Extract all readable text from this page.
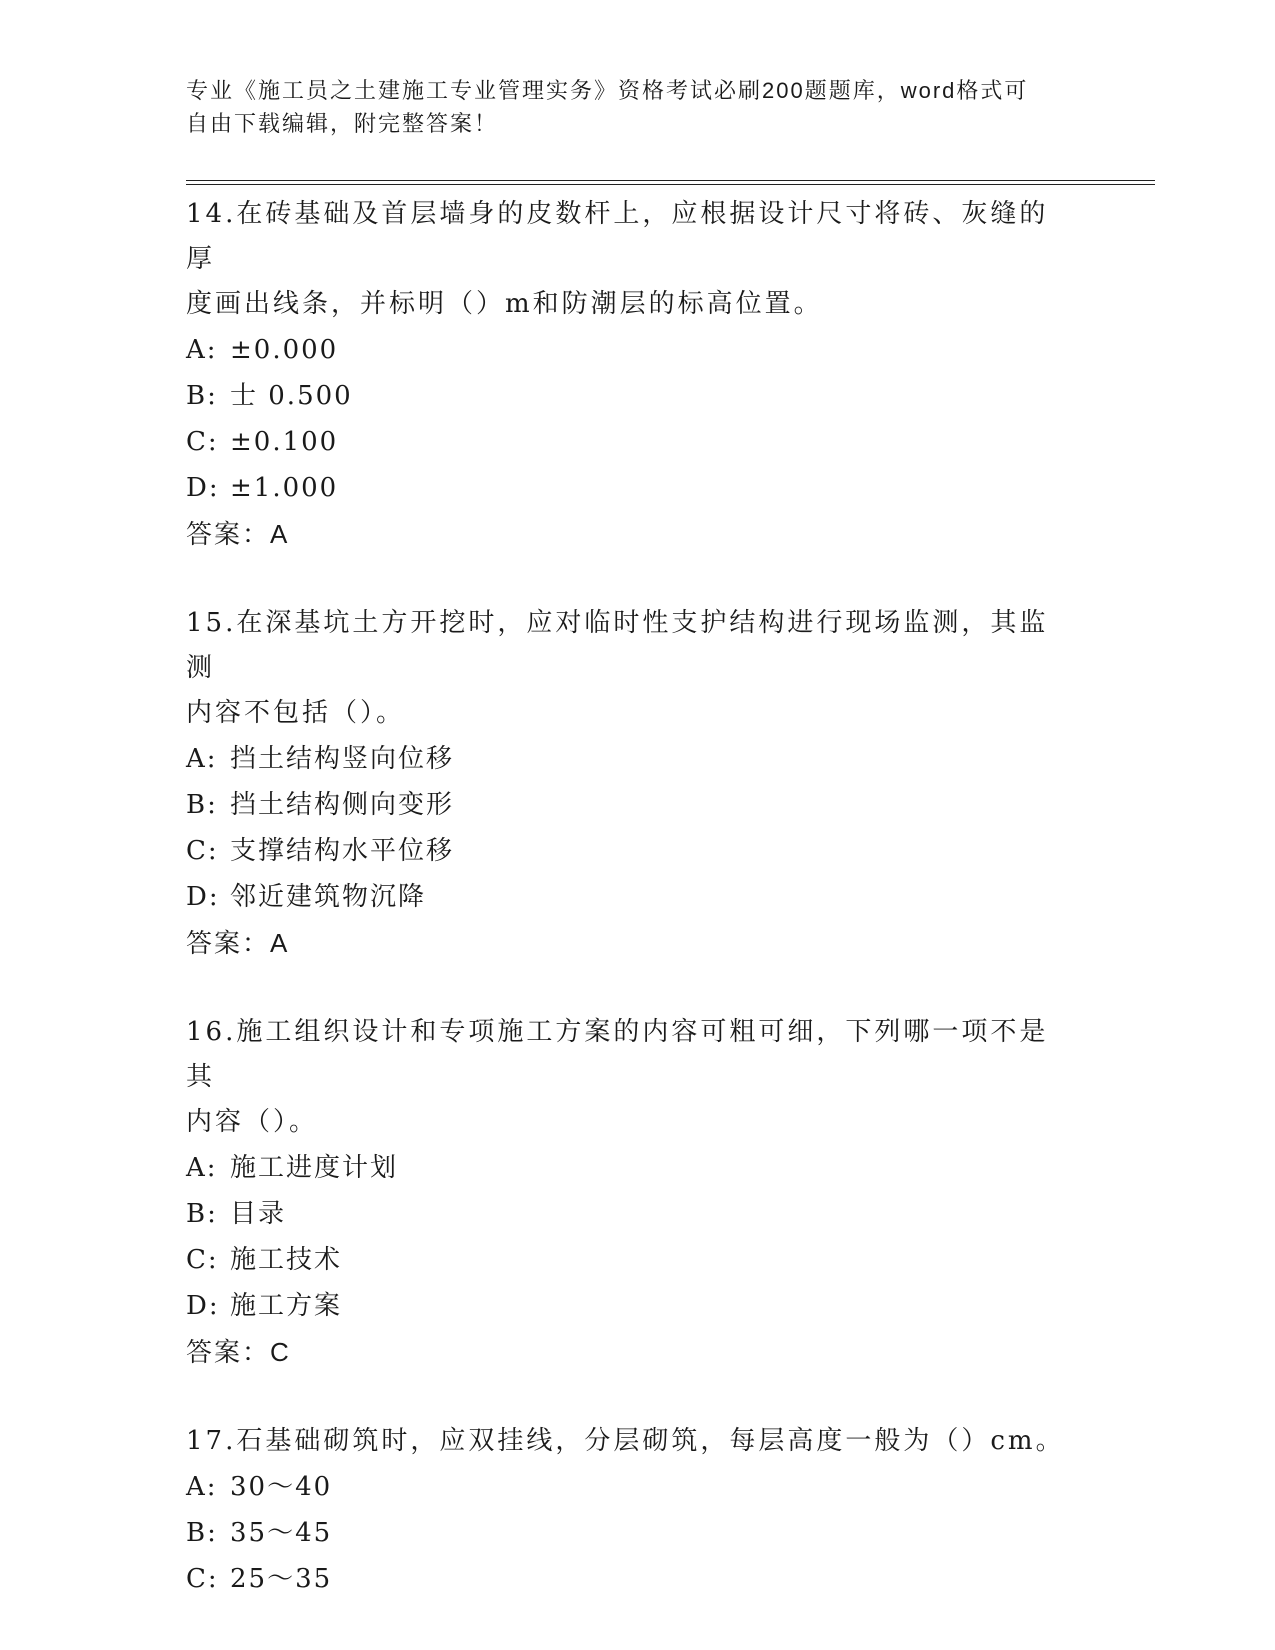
专业《施工员之土建施工专业管理实务》资格考试必刷200题题库，word格式可
自由下载编辑，附完整答案！

14.在砖基础及首层墙身的皮数杆上，应根据设计尺寸将砖、灰缝的厚
度画出线条，并标明（）m和防潮层的标高位置。

A: ±0.000

B: 士 0.500

C: ±0.100

D: ±1.000

答案：A

15.在深基坑土方开挖时，应对临时性支护结构进行现场监测，其监测
内容不包括（）。

A: 挡土结构竖向位移

B: 挡土结构侧向变形

C: 支撑结构水平位移

D: 邻近建筑物沉降

答案：A

16.施工组织设计和专项施工方案的内容可粗可细，下列哪一项不是其
内容（）。

A: 施工进度计划

B: 目录

C: 施工技术

D: 施工方案

答案：C

17.石基础砌筑时，应双挂线，分层砌筑，每层高度一般为（）cm。

A: 30～40

B: 35～45

C: 25～35
